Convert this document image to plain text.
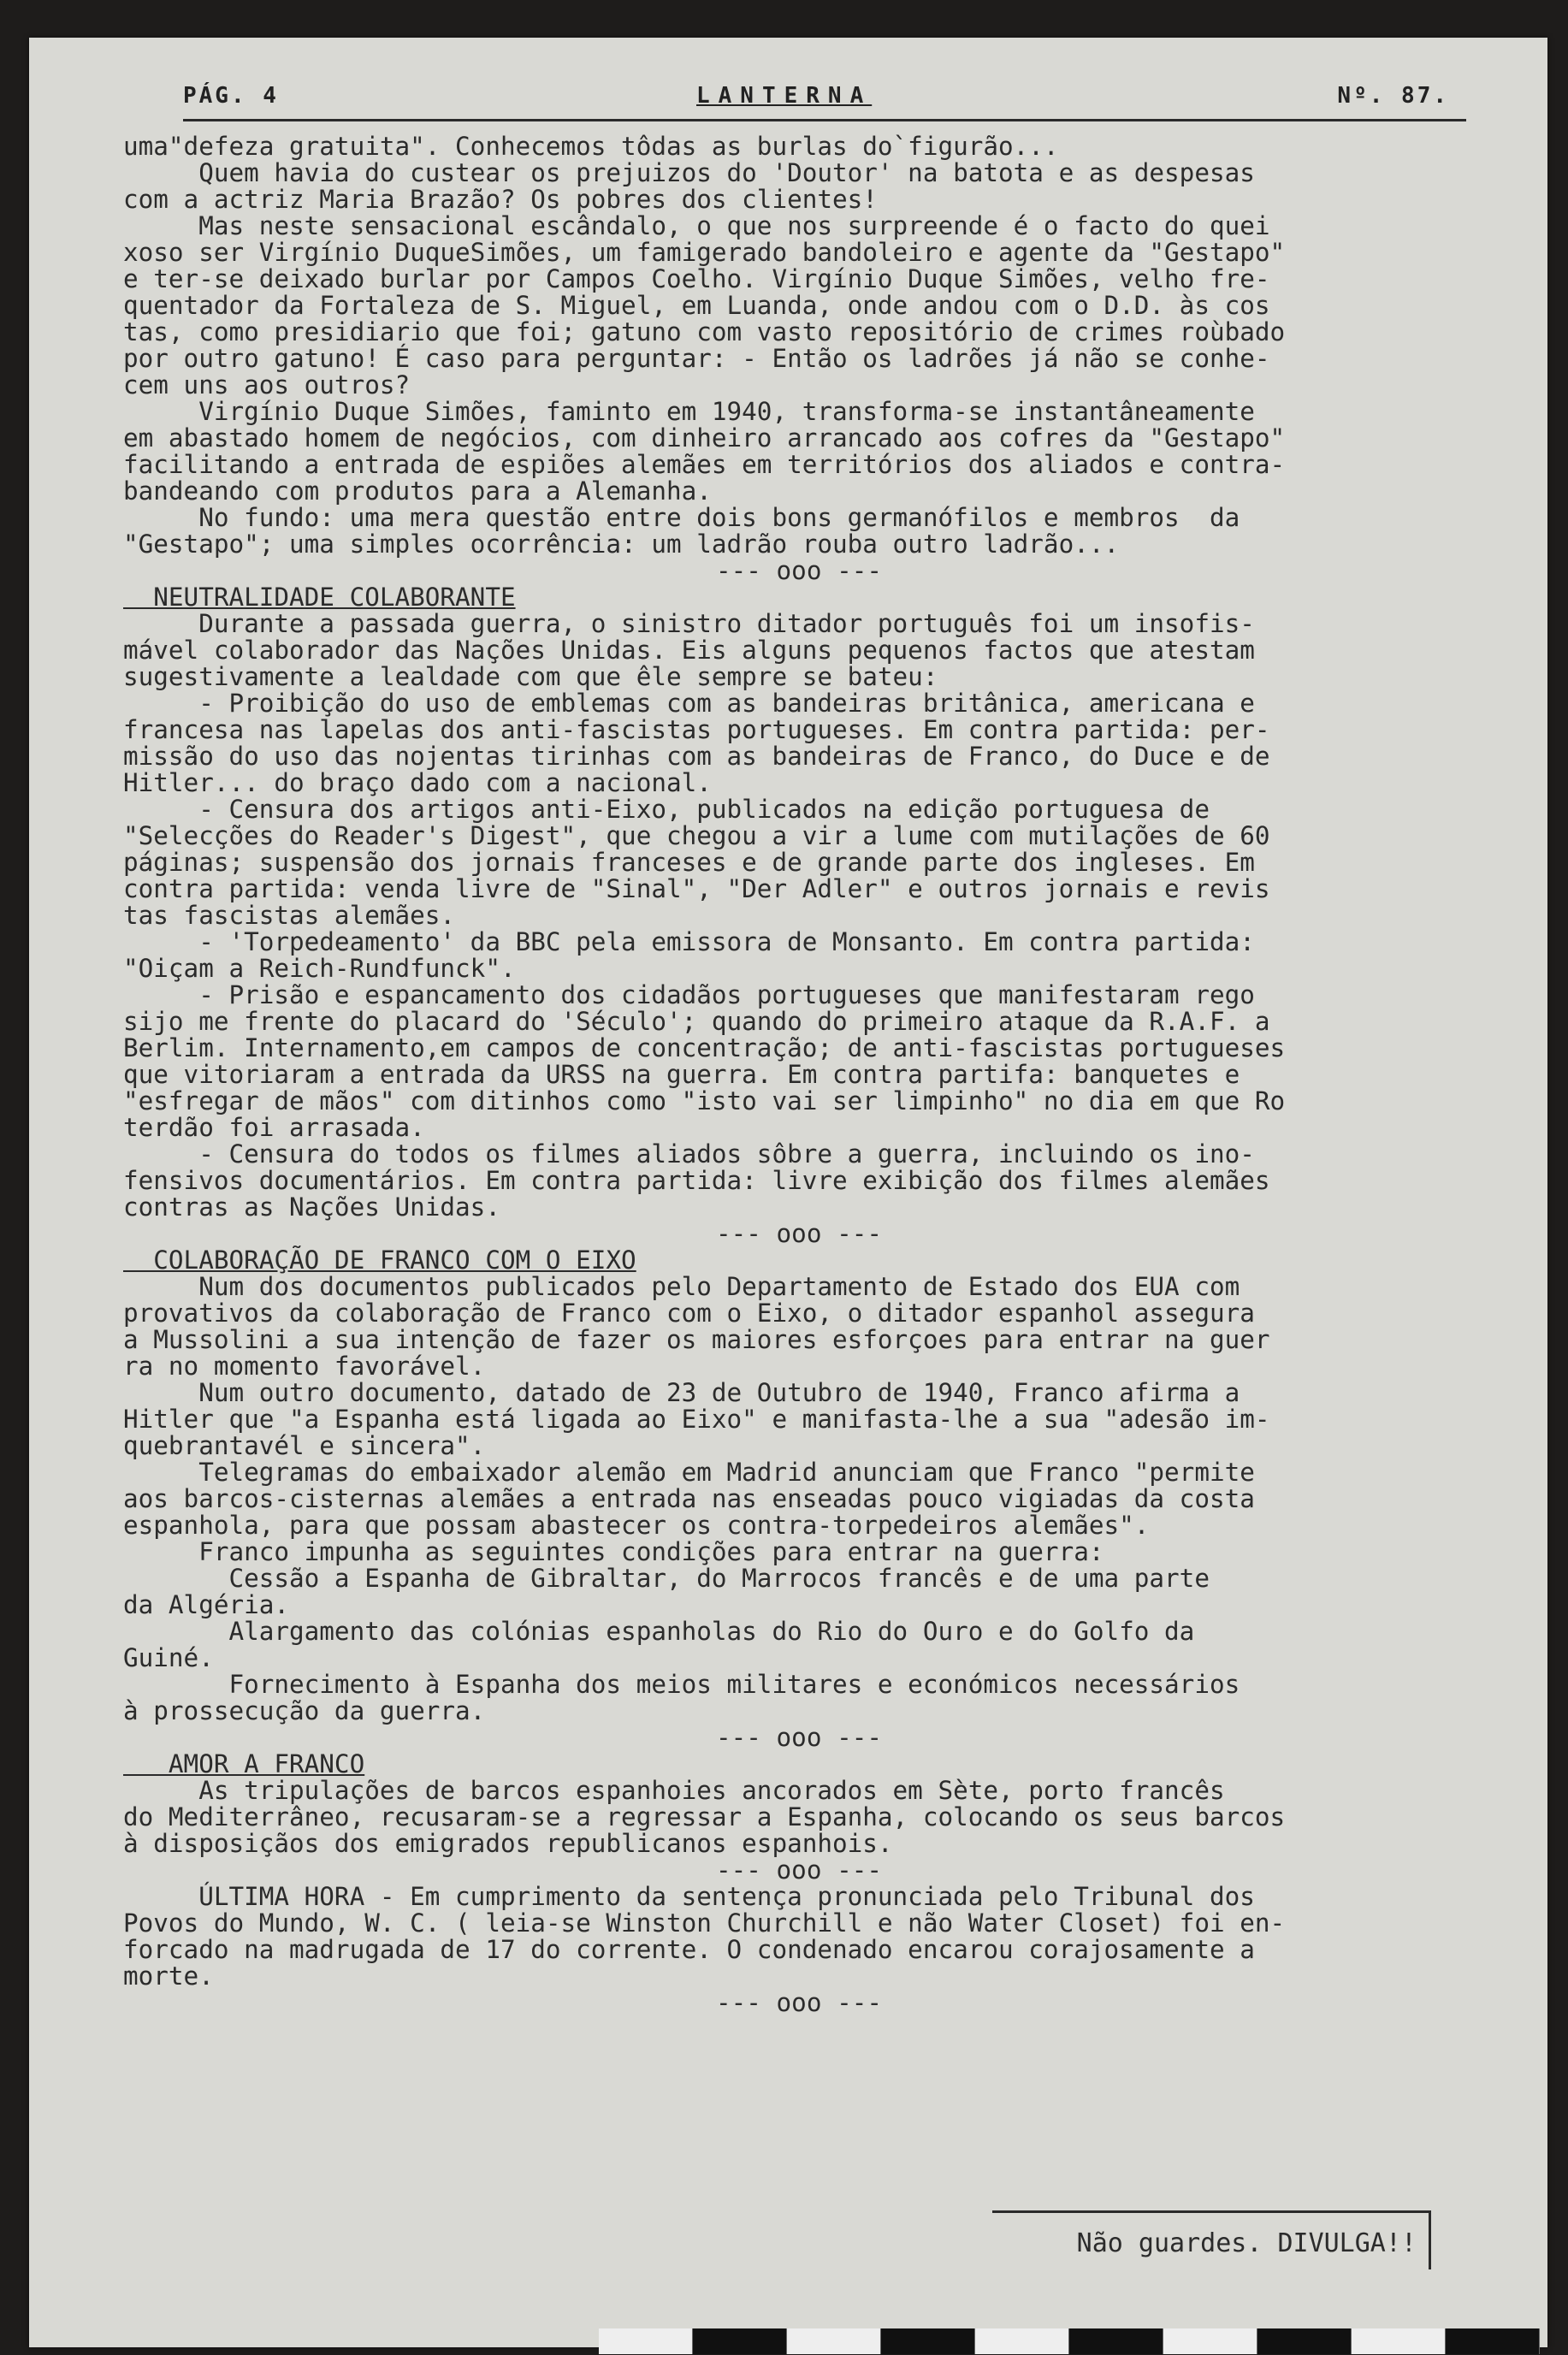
PÁG. 4	LANTERNA	Nº. 87.

uma"defeza gratuita". Conhecemos tôdas as burlas do`figurão...

Quem havia do custear os prejuizos do 'Doutor' na batota e as despesas

com a actriz Maria Brazão? Os pobres dos clientes!

Mas neste sensacional escândalo, o que nos surpreende é o facto do quei

xoso ser Virgínio DuqueSimões, um famigerado bandoleiro e agente da "Gestapo"

e ter-se deixado burlar por Campos Coelho. Virgínio Duque Simões, velho fre-

quentador da Fortaleza de S. Miguel, em Luanda, onde andou com o D.D. às cos

tas, como presidiario que foi; gatuno com vasto repositório de crimes roùbado

por outro gatuno! É caso para perguntar: - Então os ladrões já não se conhe-

cem uns aos outros?

Virgínio Duque Simões, faminto em 1940, transforma-se instantâneamente

em abastado homem de negócios, com dinheiro arrancado aos cofres da "Gestapo"

facilitando a entrada de espiões alemães em territórios dos aliados e contra-

bandeando com produtos para a Alemanha.

No fundo: uma mera questão entre dois bons germanófilos e membros  da

"Gestapo"; uma simples ocorrência: um ladrão rouba outro ladrão...

--- ooo ---

NEUTRALIDADE COLABORANTE

Durante a passada guerra, o sinistro ditador português foi um insofis-

mável colaborador das Nações Unidas. Eis alguns pequenos factos que atestam

sugestivamente a lealdade com que êle sempre se bateu:

- Proibição do uso de emblemas com as bandeiras britânica, americana e

francesa nas lapelas dos anti-fascistas portugueses. Em contra partida: per-

missão do uso das nojentas tirinhas com as bandeiras de Franco, do Duce e de

Hitler... do braço dado com a nacional.

- Censura dos artigos anti-Eixo, publicados na edição portuguesa de

"Selecções do Reader's Digest", que chegou a vir a lume com mutilações de 60

páginas; suspensão dos jornais franceses e de grande parte dos ingleses. Em

contra partida: venda livre de "Sinal", "Der Adler" e outros jornais e revis

tas fascistas alemães.

- 'Torpedeamento' da BBC pela emissora de Monsanto. Em contra partida:

"Oiçam a Reich-Rundfunck".

- Prisão e espancamento dos cidadãos portugueses que manifestaram rego

sijo me frente do placard do 'Século'; quando do primeiro ataque da R.A.F. a

Berlim. Internamento,em campos de concentração; de anti-fascistas portugueses

que vitoriaram a entrada da URSS na guerra. Em contra partifa: banquetes e

"esfregar de mãos" com ditinhos como "isto vai ser limpinho" no dia em que Ro

terdão foi arrasada.

- Censura do todos os filmes aliados sôbre a guerra, incluindo os ino-

fensivos documentários. Em contra partida: livre exibição dos filmes alemães

contras as Nações Unidas.

--- ooo ---

COLABORAÇÃO DE FRANCO COM O EIXO

Num dos documentos publicados pelo Departamento de Estado dos EUA com

provativos da colaboração de Franco com o Eixo, o ditador espanhol assegura

a Mussolini a sua intenção de fazer os maiores esforçoes para entrar na guer

ra no momento favorável.

Num outro documento, datado de 23 de Outubro de 1940, Franco afirma a

Hitler que "a Espanha está ligada ao Eixo" e manifasta-lhe a sua "adesão im-

quebrantavél e sincera".

Telegramas do embaixador alemão em Madrid anunciam que Franco "permite

aos barcos-cisternas alemães a entrada nas enseadas pouco vigiadas da costa

espanhola, para que possam abastecer os contra-torpedeiros alemães".

Franco impunha as seguintes condições para entrar na guerra:

Cessão a Espanha de Gibraltar, do Marrocos francês e de uma parte

da Algéria.

Alargamento das colónias espanholas do Rio do Ouro e do Golfo da

Guiné.

Fornecimento à Espanha dos meios militares e económicos necessários

à prossecução da guerra.

--- ooo ---

AMOR A FRANCO

As tripulações de barcos espanhoies ancorados em Sète, porto francês

do Mediterrâneo, recusaram-se a regressar a Espanha, colocando os seus barcos

à disposiçãos dos emigrados republicanos espanhois.

--- ooo ---

ÚLTIMA HORA - Em cumprimento da sentença pronunciada pelo Tribunal dos

Povos do Mundo, W. C. ( leia-se Winston Churchill e não Water Closet) foi en-

forcado na madrugada de 17 do corrente. O condenado encarou corajosamente a

morte.

--- ooo ---

Não guardes. DIVULGA!!
